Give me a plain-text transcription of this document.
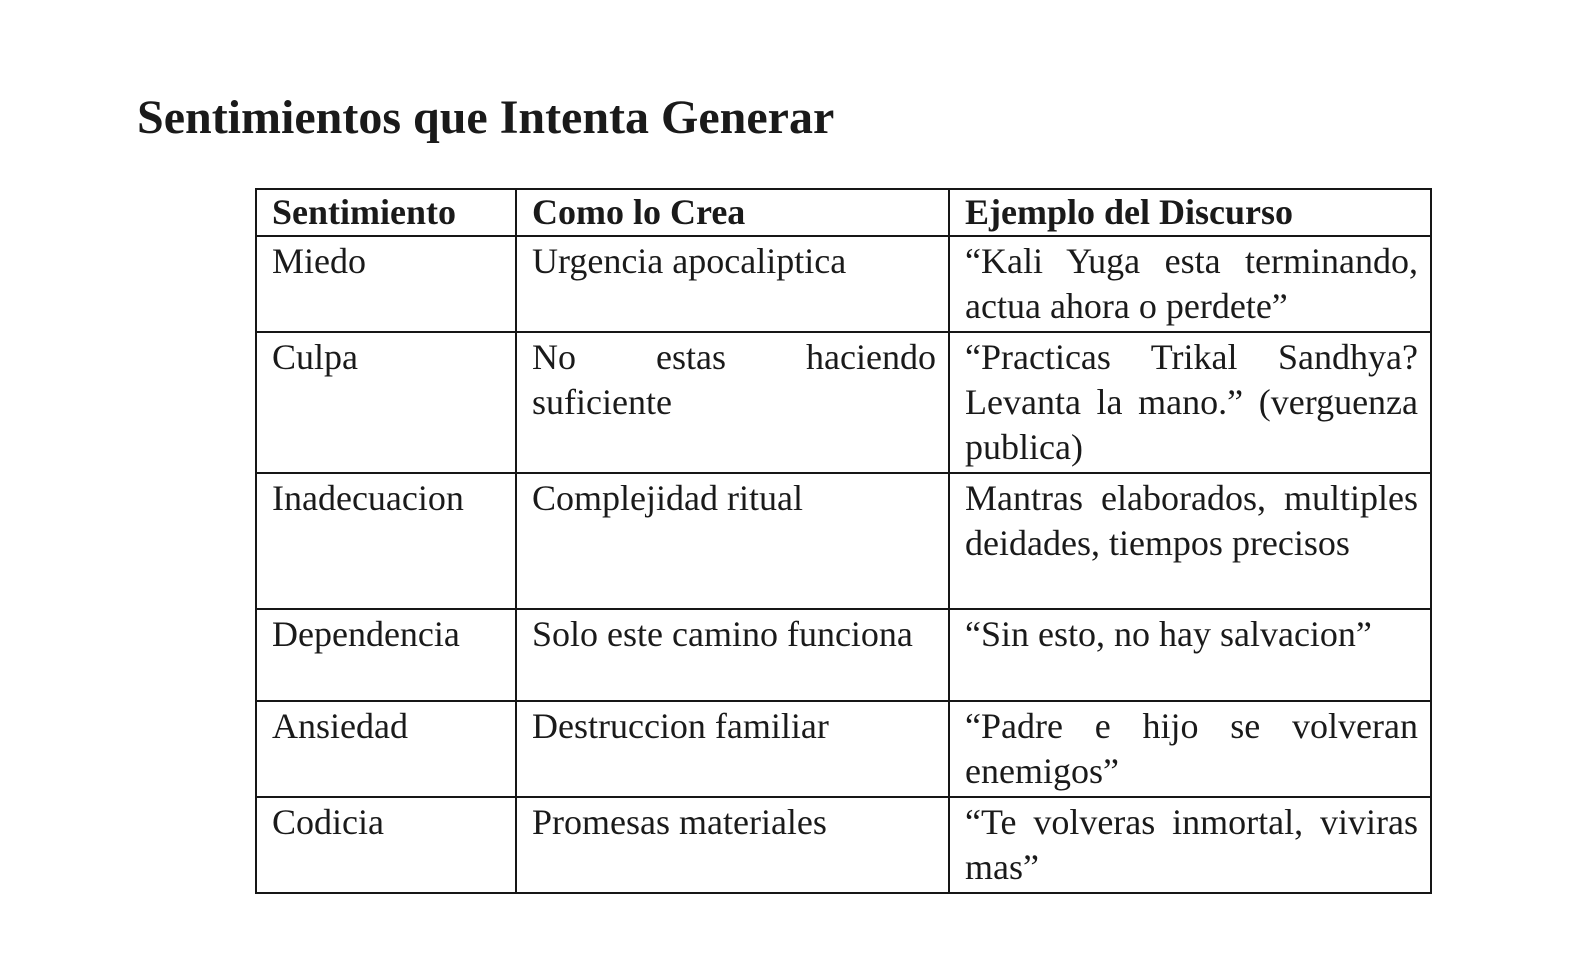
Sentimientos que Intenta Generar
Sentimiento	Como lo Crea	Ejemplo del Discurso
Miedo	Urgencia apocaliptica	“Kali Yuga esta terminando, actua ahora o perdete”
Culpa	No estas haciendo suficiente	“Practicas Trikal Sandhya? Levanta la mano.” (verguenza publica)
Inadecuacion	Complejidad ritual	Mantras elaborados, multiples deidades, tiempos precisos
Dependencia	Solo este camino funciona	“Sin esto, no hay salvacion”
Ansiedad	Destruccion familiar	“Padre e hijo se volveran enemigos”
Codicia	Promesas materiales	“Te volveras inmortal, viviras mas”
